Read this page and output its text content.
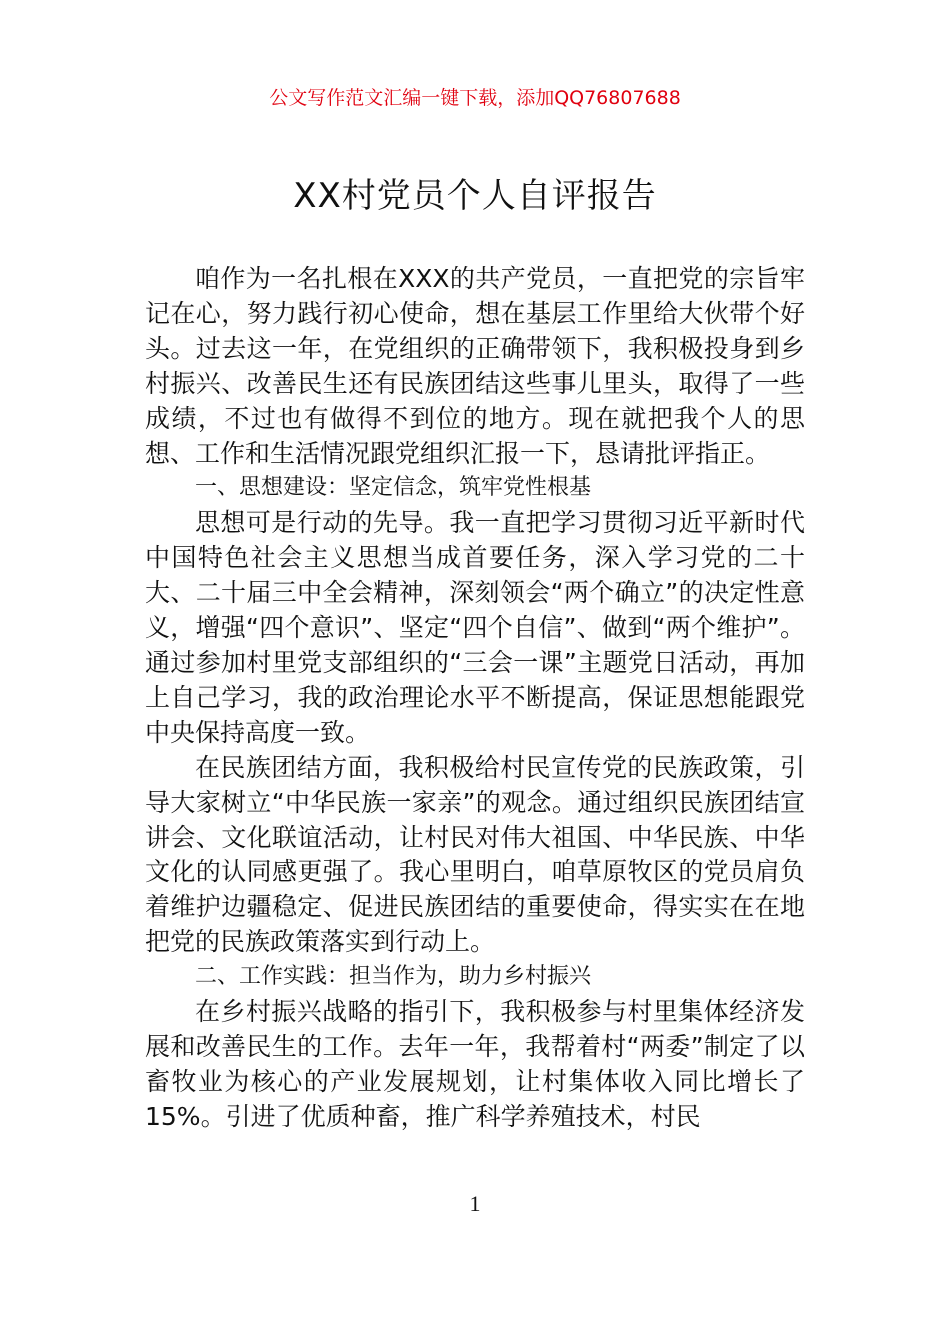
公文写作范文汇编一键下载，添加QQ76807688
XX村党员个人自评报告

咱作为一名扎根在XXX的共产党员，一直把党的宗旨牢记在心，努力践行初心使命，想在基层工作里给大伙带个好头。过去这一年，在党组织的正确带领下，我积极投身到乡村振兴、改善民生还有民族团结这些事儿里头，取得了一些成绩，不过也有做得不到位的地方。现在就把我个人的思想、工作和生活情况跟党组织汇报一下，恳请批评指正。

一、思想建设：坚定信念，筑牢党性根基

思想可是行动的先导。我一直把学习贯彻习近平新时代中国特色社会主义思想当成首要任务，深入学习党的二十大、二十届三中全会精神，深刻领会“两个确立”的决定性意义，增强“四个意识”、坚定“四个自信”、做到“两个维护”。通过参加村里党支部组织的“三会一课”主题党日活动，再加上自己学习，我的政治理论水平不断提高，保证思想能跟党中央保持高度一致。

在民族团结方面，我积极给村民宣传党的民族政策，引导大家树立“中华民族一家亲”的观念。通过组织民族团结宣讲会、文化联谊活动，让村民对伟大祖国、中华民族、中华文化的认同感更强了。我心里明白，咱草原牧区的党员肩负着维护边疆稳定、促进民族团结的重要使命，得实实在在地把党的民族政策落实到行动上。

二、工作实践：担当作为，助力乡村振兴

在乡村振兴战略的指引下，我积极参与村里集体经济发展和改善民生的工作。去年一年，我帮着村“两委”制定了以畜牧业为核心的产业发展规划，让村集体收入同比增长了15%。引进了优质种畜，推广科学养殖技术，村民

1
